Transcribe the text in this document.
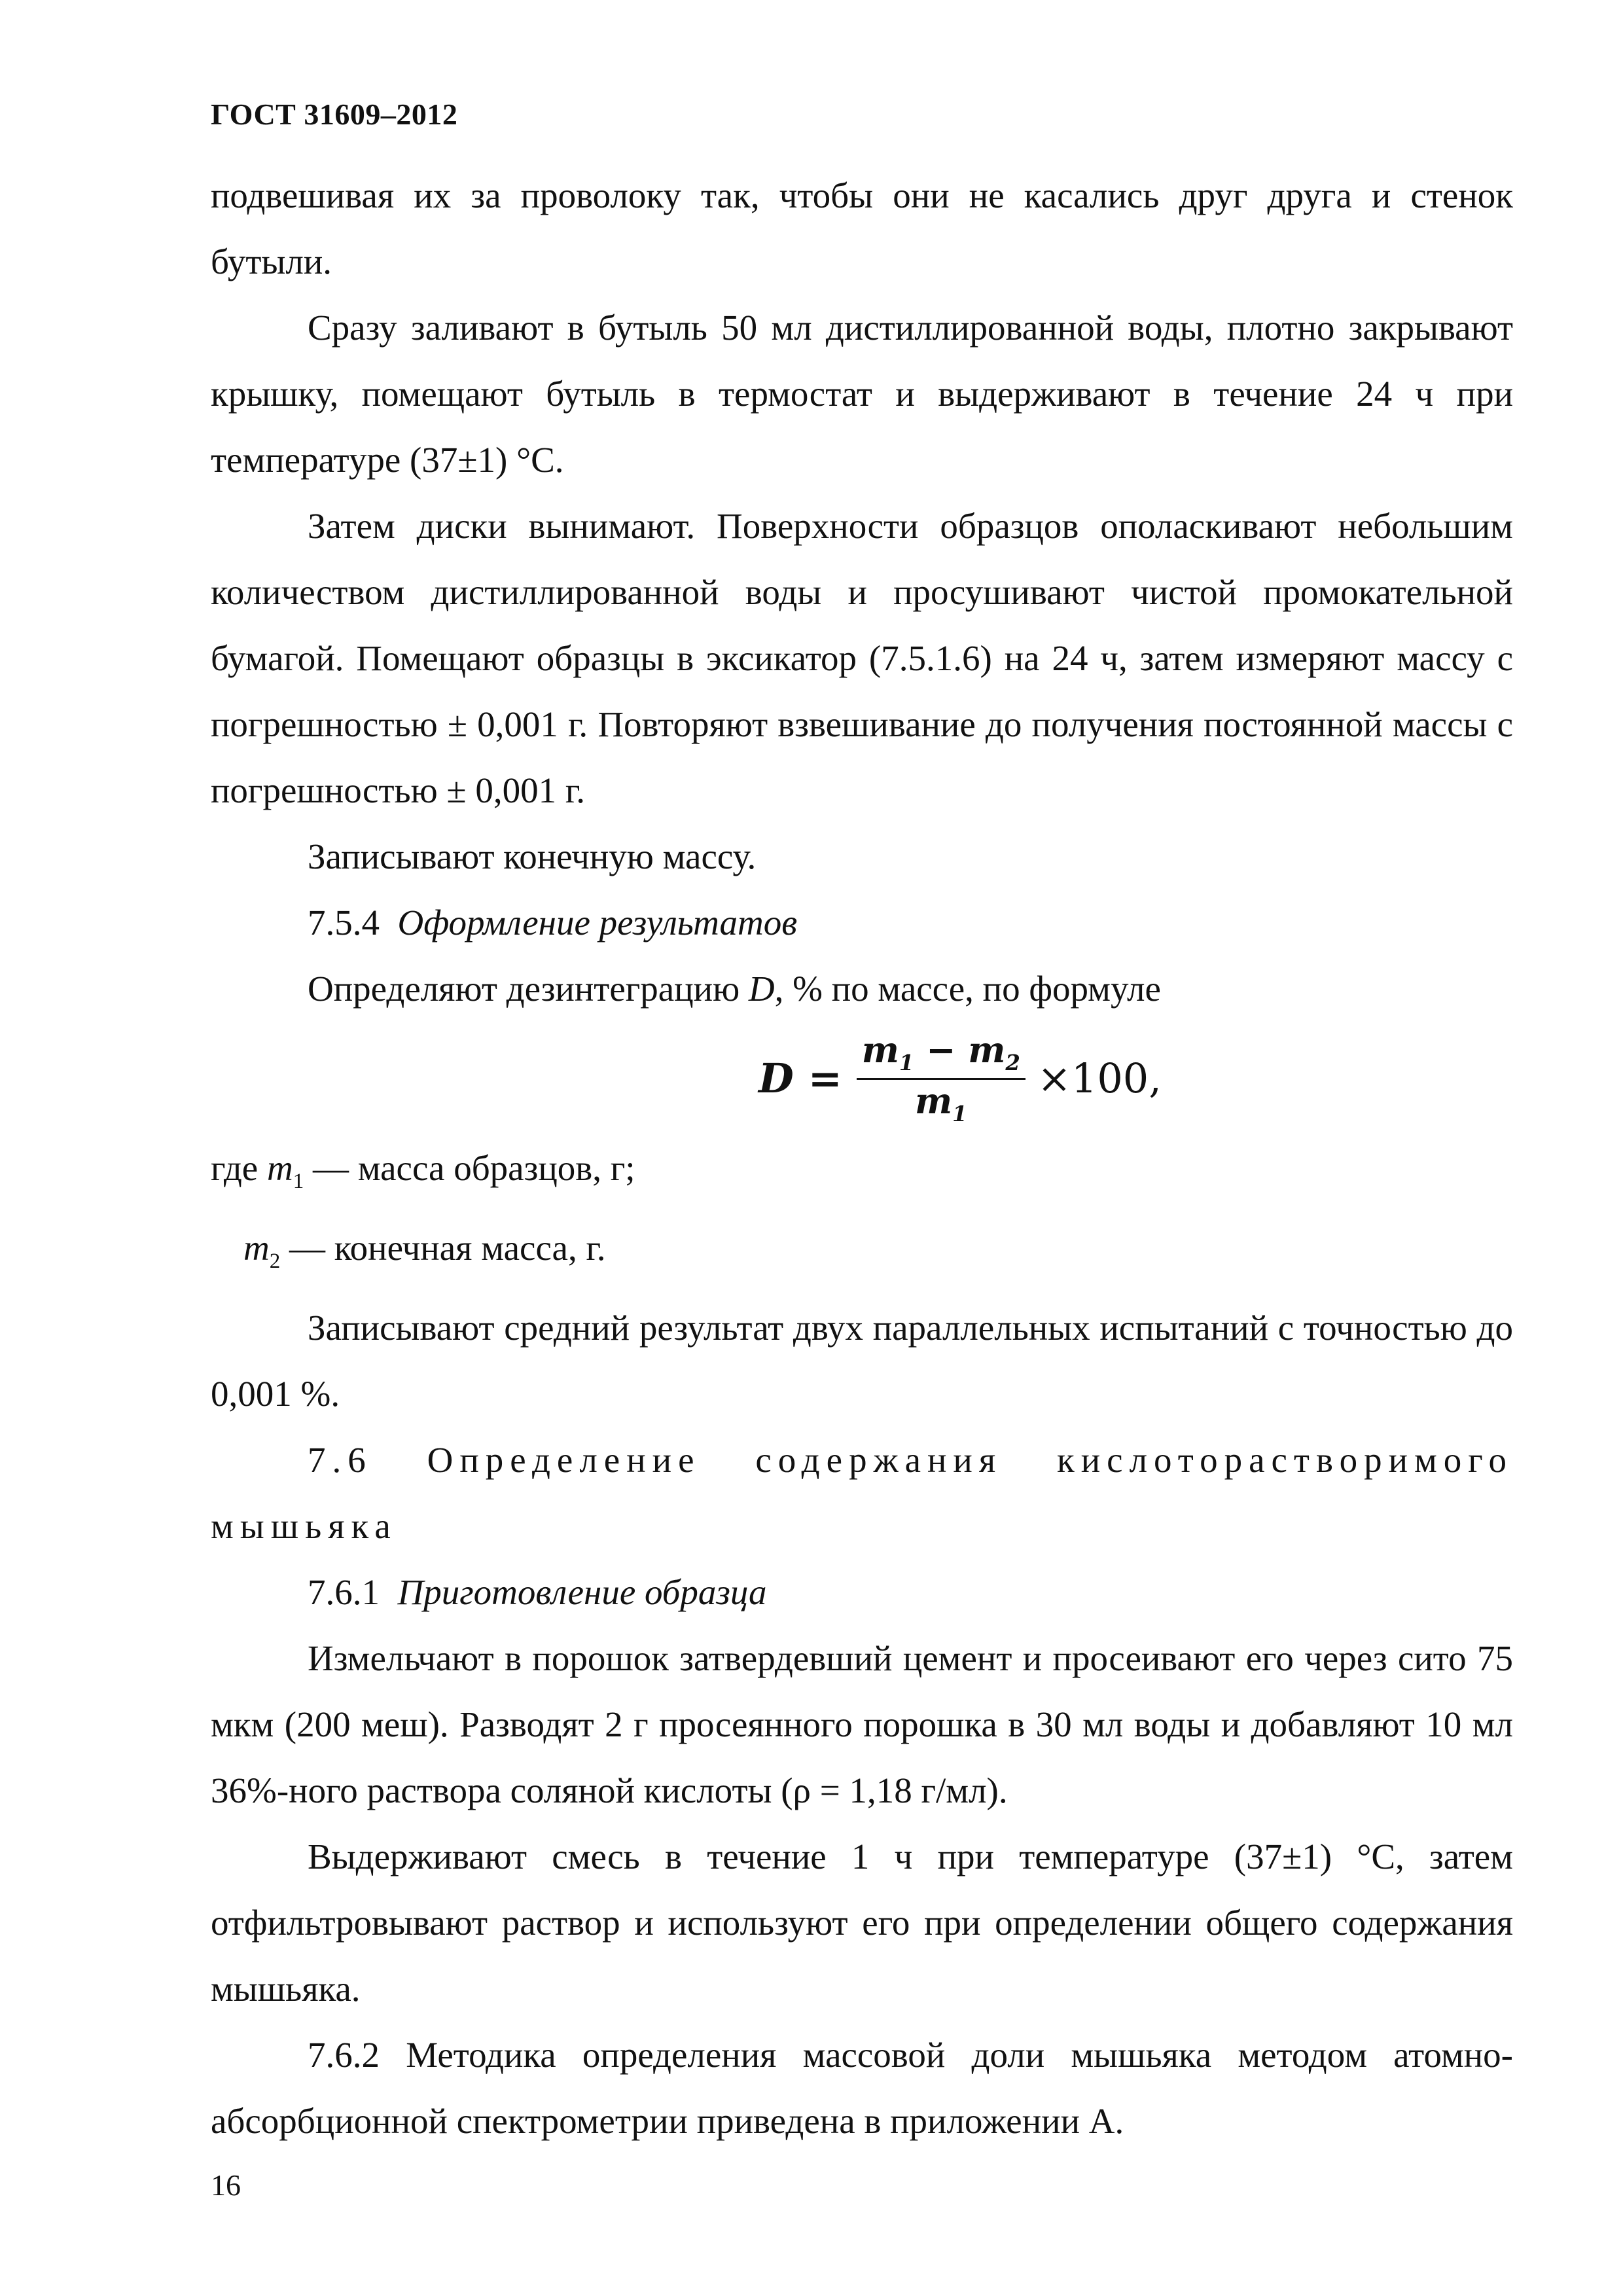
ГОСТ 31609–2012

подвешивая их за проволоку так, чтобы они не касались друг друга и стенок бутыли.

Сразу заливают в бутыль 50 мл дистиллированной воды, плотно закрывают крышку, помещают бутыль в термостат и выдерживают в течение 24 ч при температуре (37±1) °С.

Затем диски вынимают. Поверхности образцов ополаскивают небольшим количеством дистиллированной воды и просушивают чистой промокательной бумагой. Помещают образцы в эксикатор (7.5.1.6) на 24 ч, затем измеряют массу с погрешностью ± 0,001 г. Повторяют взвешивание до получения постоянной массы с погрешностью ± 0,001 г.

Записывают конечную массу.

7.5.4 Оформление результатов

Определяют дезинтеграцию D, % по массе, по формуле

$D = \frac{m_1 - m_2}{m_1} \times 100$,

где $m_1$ — масса образцов, г;

$m_2$ — конечная масса, г.

Записывают средний результат двух параллельных испытаний с точностью до 0,001 %.

7.6 Определение содержания кислоторастворимого мышьяка

7.6.1 Приготовление образца

Измельчают в порошок затвердевший цемент и просеивают его через сито 75 мкм (200 меш). Разводят 2 г просеянного порошка в 30 мл воды и добавляют 10 мл 36%-ного раствора соляной кислоты (ρ = 1,18 г/мл).

Выдерживают смесь в течение 1 ч при температуре (37±1) °С, затем отфильтровывают раствор и используют его при определении общего содержания мышьяка.

7.6.2 Методика определения массовой доли мышьяка методом атомно-абсорбционной спектрометрии приведена в приложении А.

16
